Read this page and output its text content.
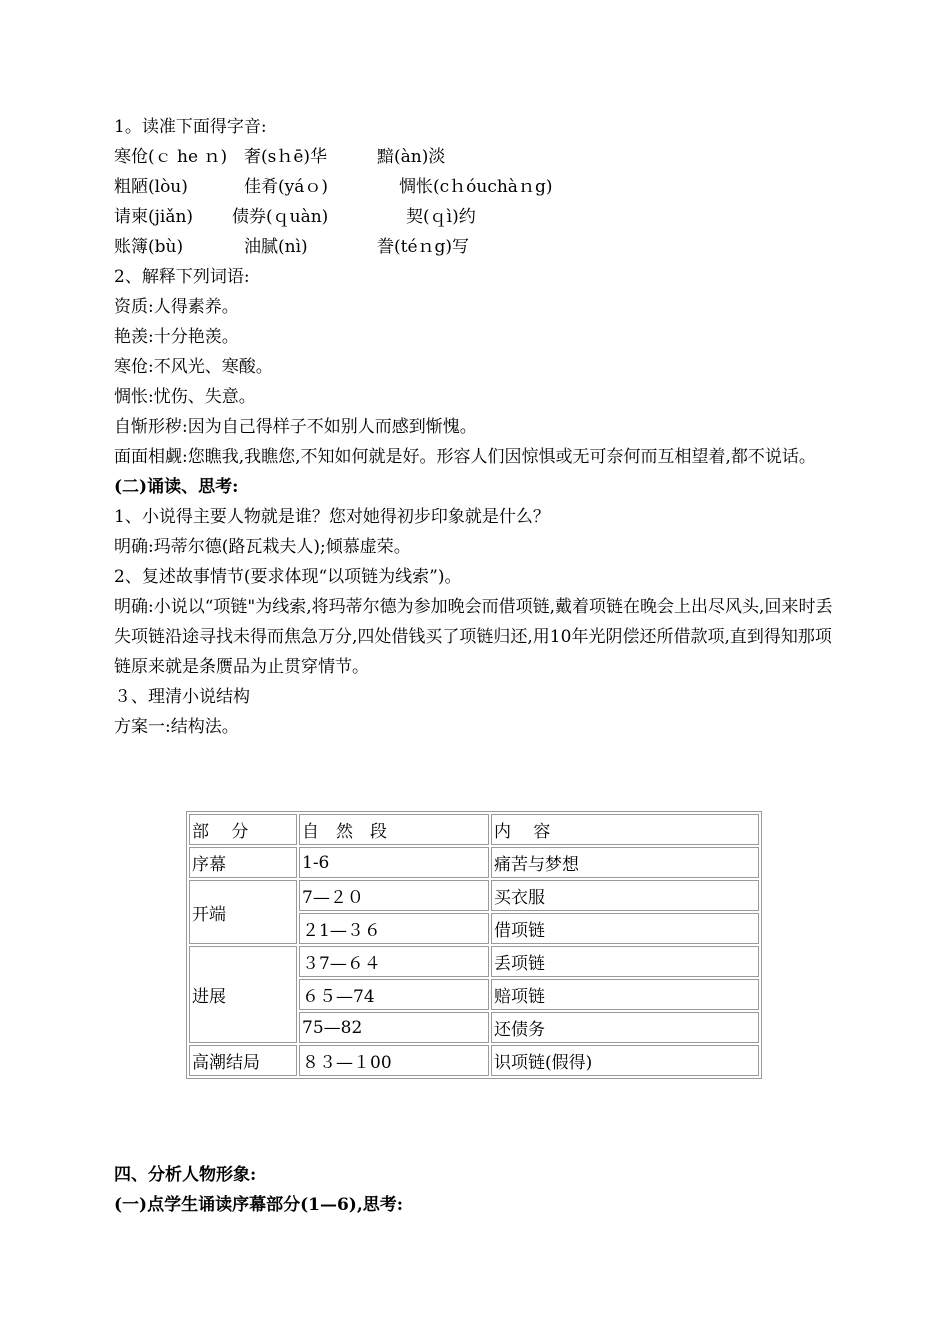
1。读准下面得字音:
寒伧(ｃ he ｎ) 奢(sｈē)华	黯(àn)淡
粗陋(lòu)	佳肴(yáｏ)	惆怅(cｈóuchàｎg)
请柬(jiǎn) 债券(ｑuàn)	契(ｑì)约
账簿(bù)	油腻(nì)	誊(téｎg)写
2、解释下列词语:
资质:人得素养。
艳羡:十分艳羡。
寒伧:不风光、寒酸。
惆怅:忧伤、失意。
自惭形秽:因为自己得样子不如别人而感到惭愧。
面面相觑:您瞧我,我瞧您,不知如何就是好。形容人们因惊惧或无可奈何而互相望着,都不说话。
(二)诵读、思考:
1、小说得主要人物就是谁？您对她得初步印象就是什么？
明确:玛蒂尔德(路瓦栽夫人);倾慕虚荣。
2、复述故事情节(要求体现“以项链为线索”)。
明确:小说以“项链"为线索,将玛蒂尔德为参加晚会而借项链,戴着项链在晚会上出尽风头,回来时丢失项链沿途寻找未得而焦急万分,四处借钱买了项链归还,用10年光阴偿还所借款项,直到得知那项链原来就是条赝品为止贯穿情节。
３、理清小说结构
方案一:结构法。
部　 分	自　然　段	内　 容
序幕	1-6	痛苦与梦想
开端	7—２０	买衣服
	２1—３６	借项链
进展	３7—６４	丢项链
	６５—74	赔项链
	75—82	还债务
高潮结局	８３—１00	识项链(假得)
四、分析人物形象:
(一)点学生诵读序幕部分(1—6),思考:
